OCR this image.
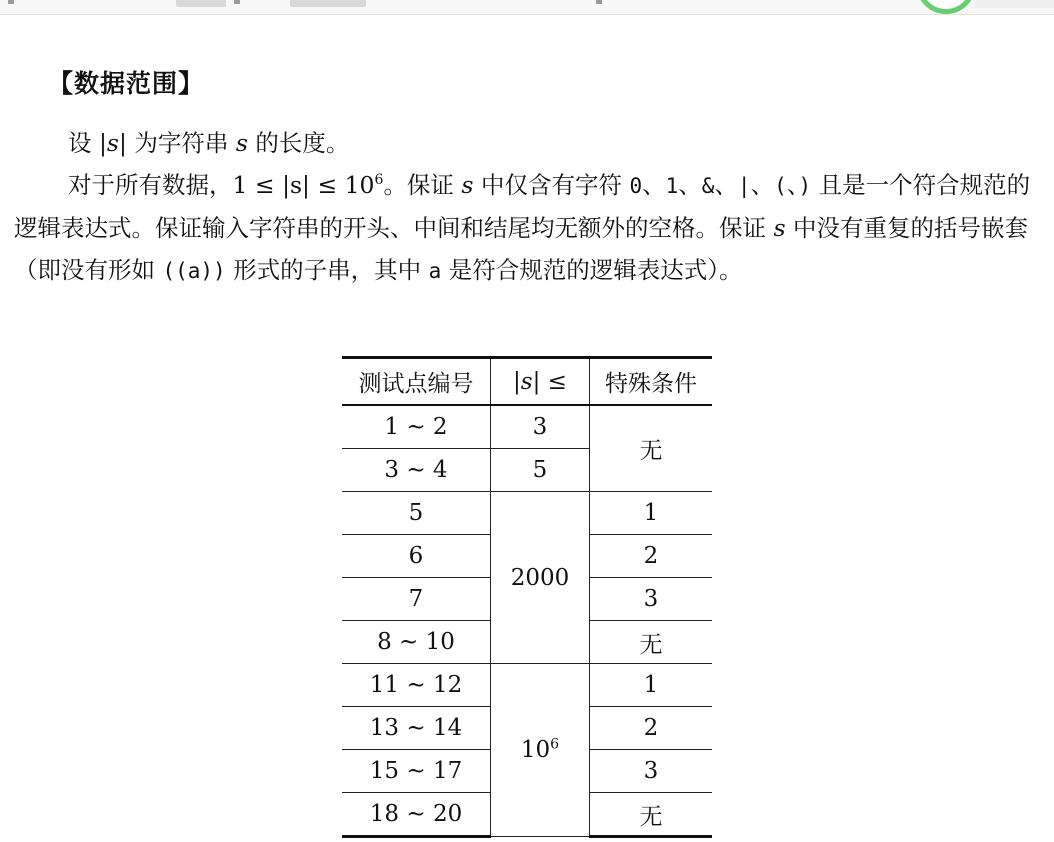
【数据范围】

设 |s| 为字符串 s 的长度。

对于所有数据，$1 \le |s| \le 10^6$。保证 s 中仅含有字符 0、1、&、|、(、) 且是一个符合规范的逻辑表达式。保证输入字符串的开头、中间和结尾均无额外的空格。保证 s 中没有重复的括号嵌套（即没有形如 ((a)) 形式的子串，其中 a 是符合规范的逻辑表达式）。

测试点编号	|s| ≤	特殊条件
1 ∼ 2	3	无
3 ∼ 4	5	
5	2000	1
6		2
7		3
8 ∼ 10		无
11 ∼ 12	$10^6$	1
13 ∼ 14		2
15 ∼ 17		3
18 ∼ 20		无
